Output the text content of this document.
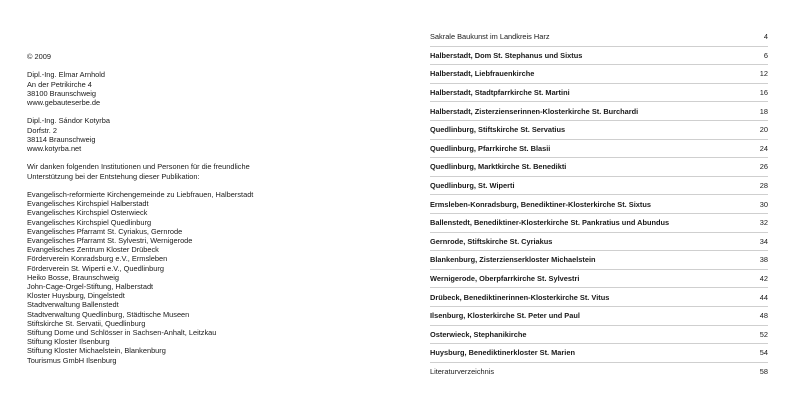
© 2009
Dipl.-Ing. Elmar Arnhold
An der Petrikirche 4
38100 Braunschweig
www.gebauteserbe.de
Dipl.-Ing. Sándor Kotyrba
Dorfstr. 2
38114 Braunschweig
www.kotyrba.net
Wir danken folgenden Institutionen und Personen für die freundliche
Unterstützung bei der Entstehung dieser Publikation:
Evangelisch-reformierte Kirchengemeinde zu Liebfrauen, Halberstadt
Evangelisches Kirchspiel Halberstadt
Evangelisches Kirchspiel Osterwieck
Evangelisches Kirchspiel Quedlinburg
Evangelisches Pfarramt St. Cyriakus, Gernrode
Evangelisches Pfarramt St. Sylvestri, Wernigerode
Evangelisches Zentrum Kloster Drübeck
Förderverein Konradsburg e.V., Ermsleben
Förderverein St. Wiperti e.V., Quedlinburg
Heiko Bosse, Braunschweig
John-Cage-Orgel-Stiftung, Halberstadt
Kloster Huysburg, Dingelstedt
Stadtverwaltung Ballenstedt
Stadtverwaltung Quedlinburg, Städtische Museen
Stiftskirche St. Servatii, Quedlinburg
Stiftung Dome und Schlösser in Sachsen-Anhalt, Leitzkau
Stiftung Kloster Ilsenburg
Stiftung Kloster Michaelstein, Blankenburg
Tourismus GmbH Ilsenburg
Sakrale Baukunst im Landkreis Harz	4
Halberstadt, Dom St. Stephanus und Sixtus	6
Halberstadt, Liebfrauenkirche	12
Halberstadt, Stadtpfarrkirche St. Martini	16
Halberstadt, Zisterzienserinnen-Klosterkirche St. Burchardi	18
Quedlinburg, Stiftskirche St. Servatius	20
Quedlinburg, Pfarrkirche St. Blasii	24
Quedlinburg, Marktkirche St. Benedikti	26
Quedlinburg, St. Wiperti	28
Ermsleben-Konradsburg, Benediktiner-Klosterkirche St. Sixtus	30
Ballenstedt, Benediktiner-Klosterkirche St. Pankratius und Abundus	32
Gernrode, Stiftskirche St. Cyriakus	34
Blankenburg, Zisterzienserkloster Michaelstein	38
Wernigerode, Oberpfarrkirche St. Sylvestri	42
Drübeck, Benediktinerinnen-Klosterkirche St. Vitus	44
Ilsenburg, Klosterkirche St. Peter und Paul	48
Osterwieck, Stephanikirche	52
Huysburg, Benediktinerkloster St. Marien	54
Literaturverzeichnis	58
